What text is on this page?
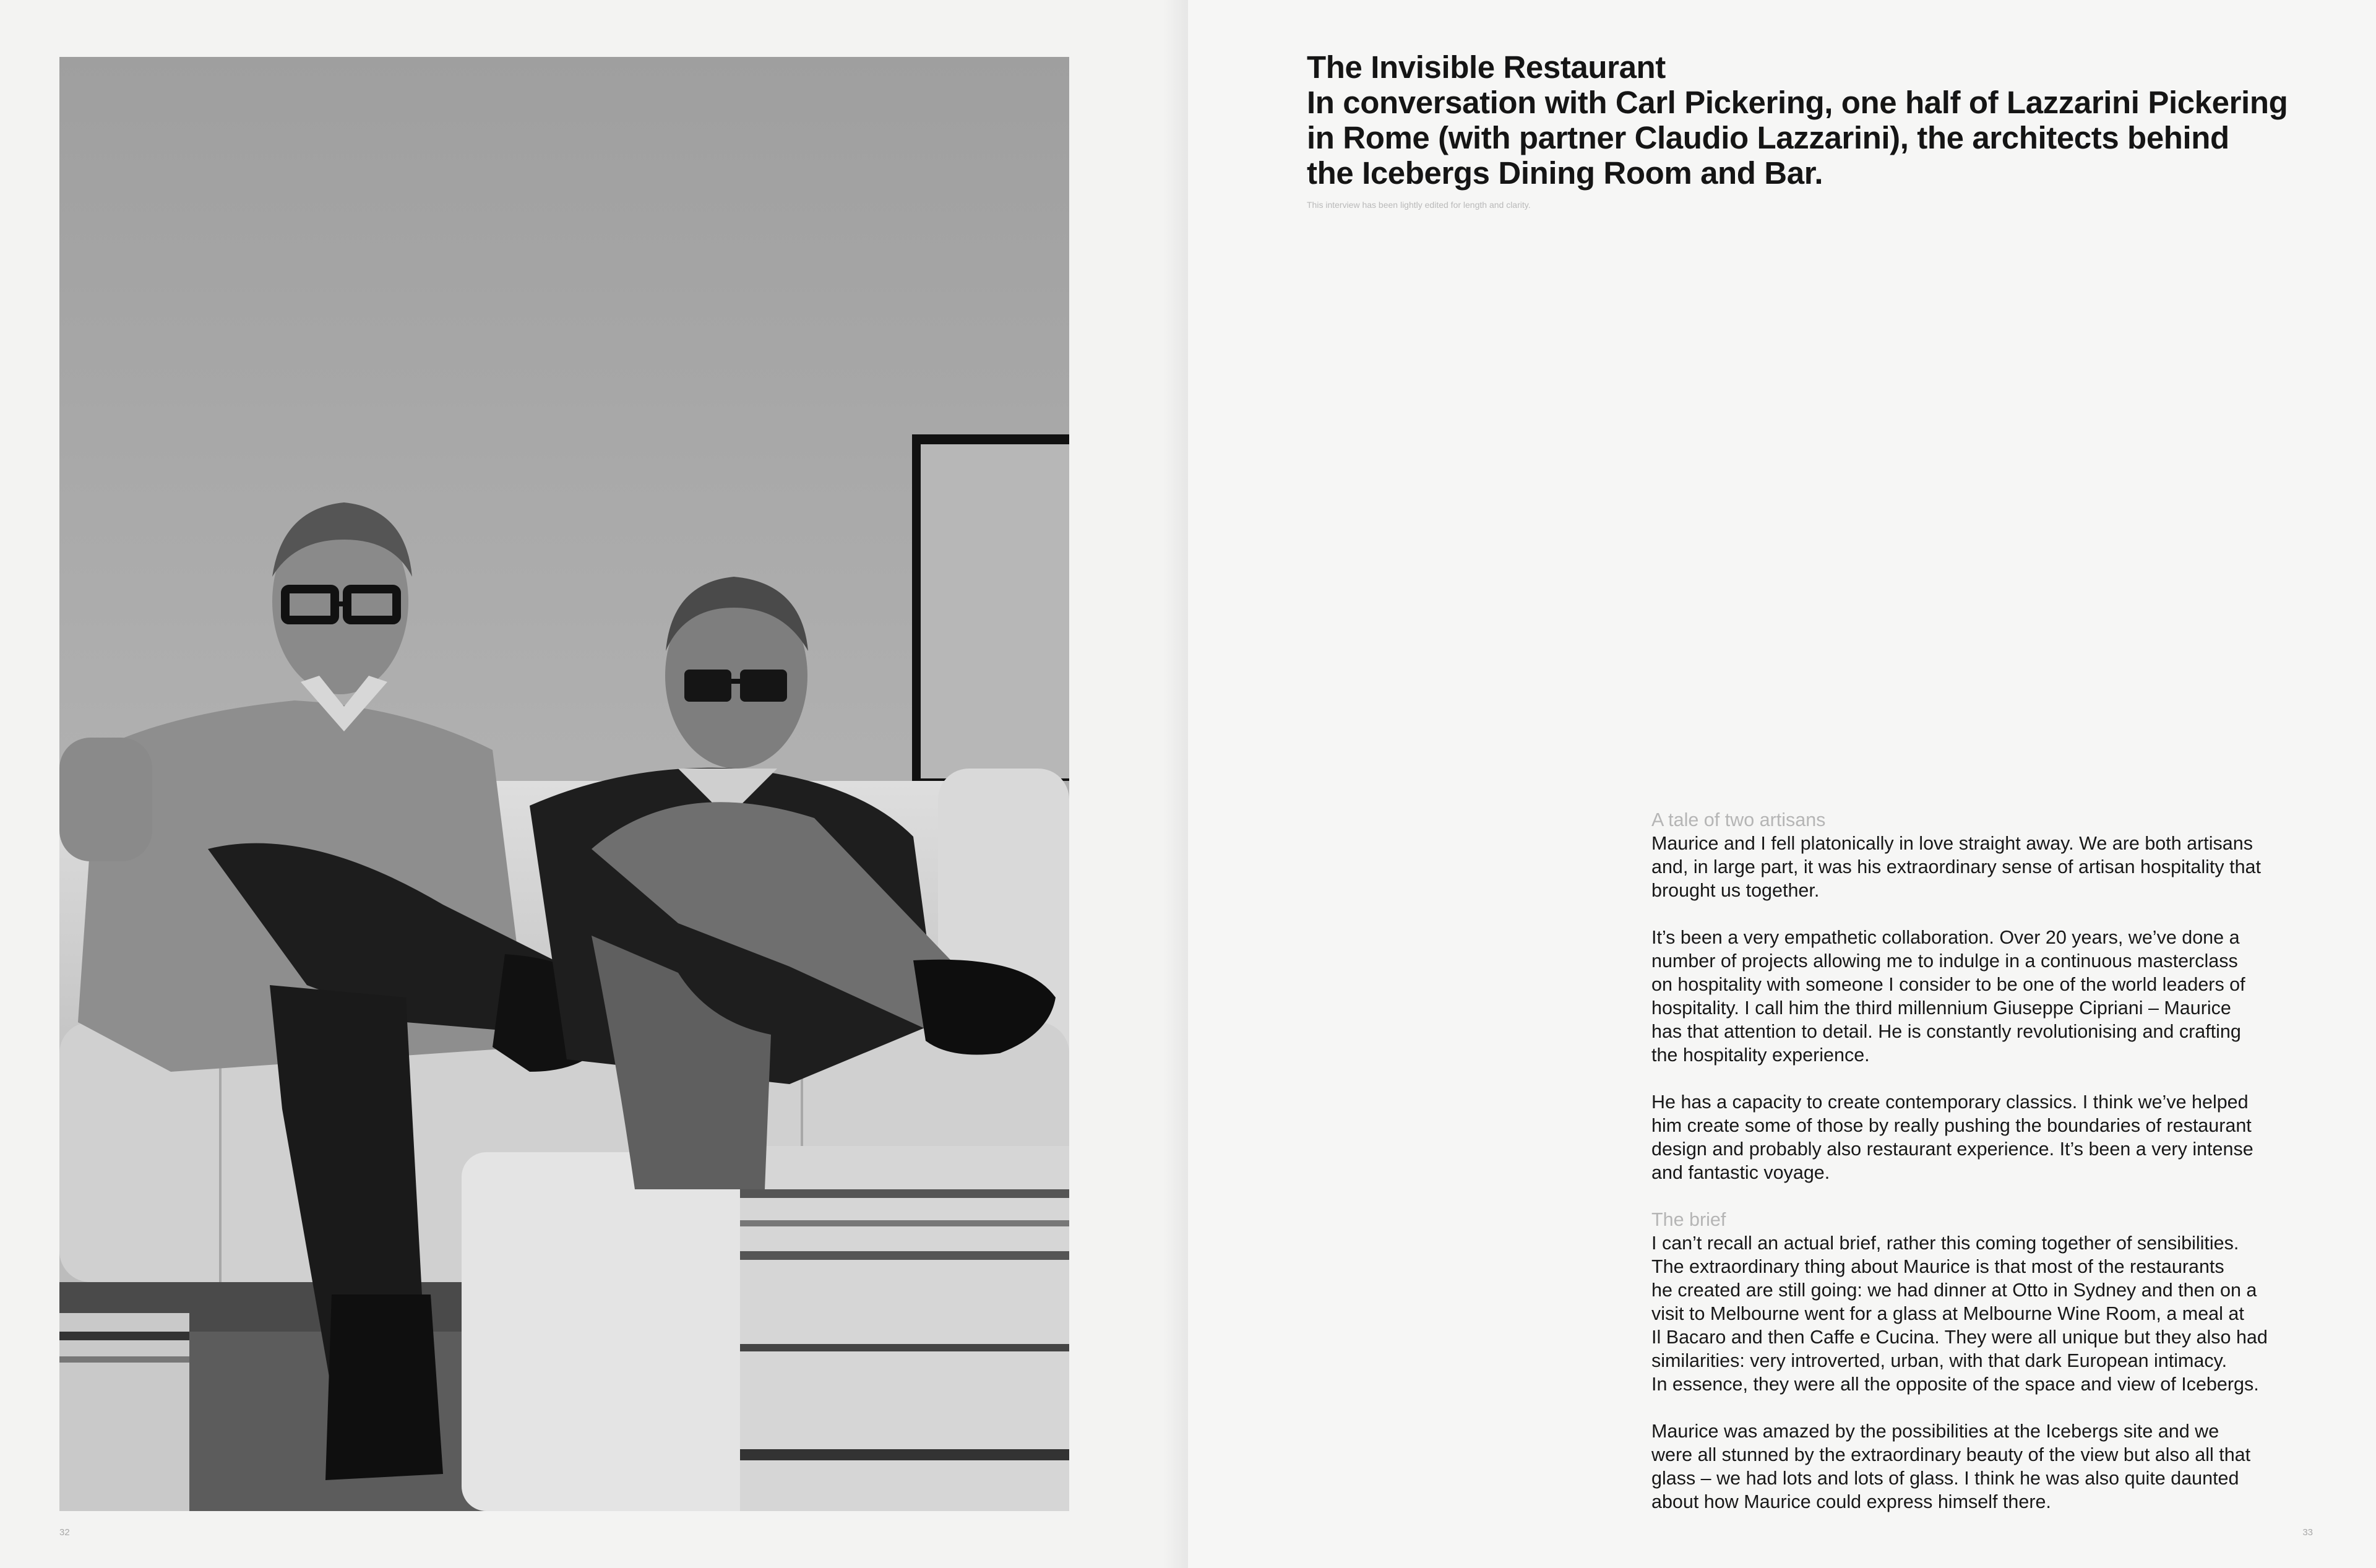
32
The Invisible Restaurant
In conversation with Carl Pickering, one half of Lazzarini Pickering
in Rome (with partner Claudio Lazzarini), the architects behind
the Icebergs Dining Room and Bar.

This interview has been lightly edited for length and clarity.

A tale of two artisans

Maurice and I fell platonically in love straight away. We are both artisans
and, in large part, it was his extraordinary sense of artisan hospitality that
brought us together.

It’s been a very empathetic collaboration. Over 20 years, we’ve done a
number of projects allowing me to indulge in a continuous masterclass
on hospitality with someone I consider to be one of the world leaders of
hospitality. I call him the third millennium Giuseppe Cipriani – Maurice
has that attention to detail. He is constantly revolutionising and crafting
the hospitality experience.

He has a capacity to create contemporary classics. I think we’ve helped
him create some of those by really pushing the boundaries of restaurant
design and probably also restaurant experience. It’s been a very intense
and fantastic voyage.

The brief

I can’t recall an actual brief, rather this coming together of sensibilities.
The extraordinary thing about Maurice is that most of the restaurants
he created are still going: we had dinner at Otto in Sydney and then on a
visit to Melbourne went for a glass at Melbourne Wine Room, a meal at
Il Bacaro and then Caffe e Cucina. They were all unique but they also had
similarities: very introverted, urban, with that dark European intimacy.
In essence, they were all the opposite of the space and view of Icebergs.

Maurice was amazed by the possibilities at the Icebergs site and we
were all stunned by the extraordinary beauty of the view but also all that
glass – we had lots and lots of glass. I think he was also quite daunted
about how Maurice could express himself there.

33
